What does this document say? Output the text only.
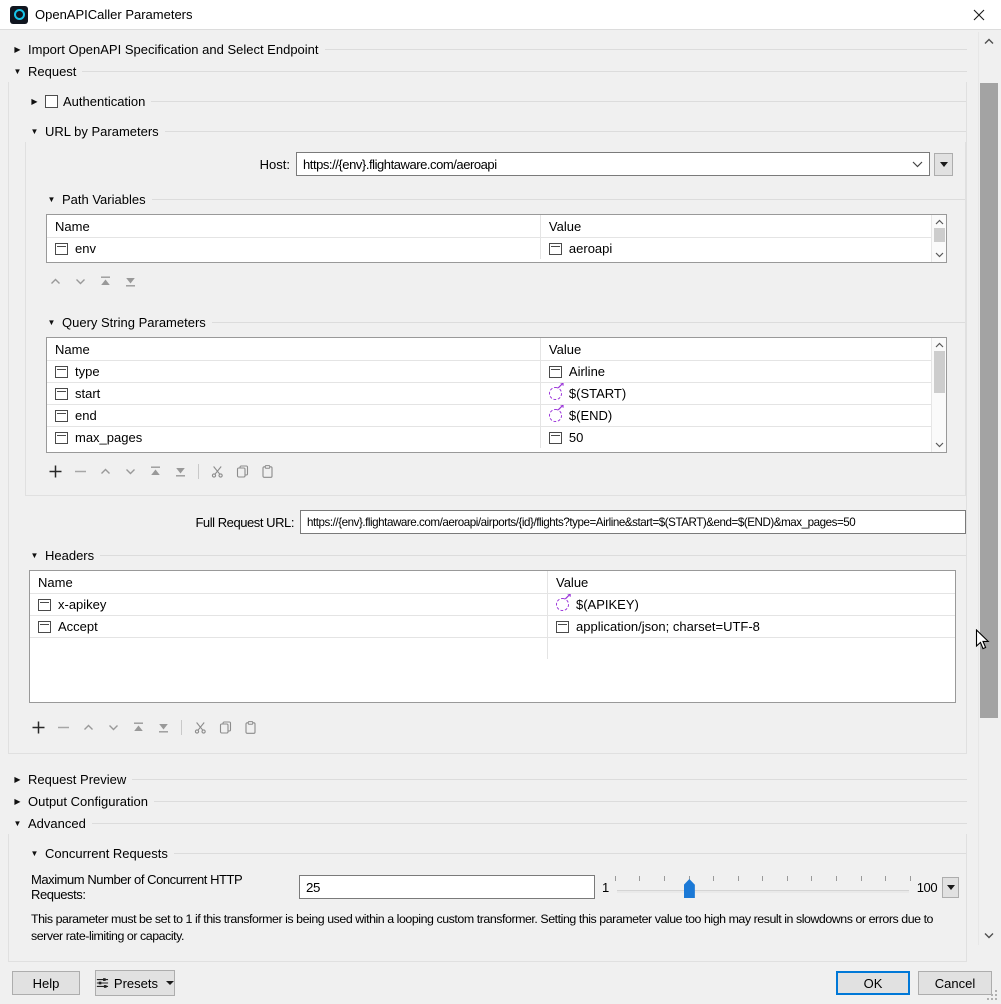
OpenAPICaller Parameters
▶ Import OpenAPI Specification and Select Endpoint
▼ Request
▶ Authentication
▼ URL by Parameters
Host:	https://{env}.flightaware.com/aeroapi
▼ Path Variables
Name	Value
env	aeroapi
▼ Query String Parameters
Name	Value
type	Airline
start ↗	$(START)
end ↗	$(END)
max_pages	50
Full Request URL:	https://{env}.flightaware.com/aeroapi/airports/{id}/flights?type=Airline&start=$(START)&end=$(END)&max_pages=50
▼ Headers
Name	Value
x-apikey ↗	$(APIKEY)
Accept	application/json; charset=UTF-8
▶ Request Preview
▶ Output Configuration
▼ Advanced
▼ Concurrent Requests
Maximum Number of Concurrent HTTP Requests:
25	1	100
This parameter must be set to 1 if this transformer is being used within a looping custom transformer. Setting this parameter value too high may result in slowdowns or errors due to server rate-limiting or capacity.
Help	Presets	OK	Cancel
